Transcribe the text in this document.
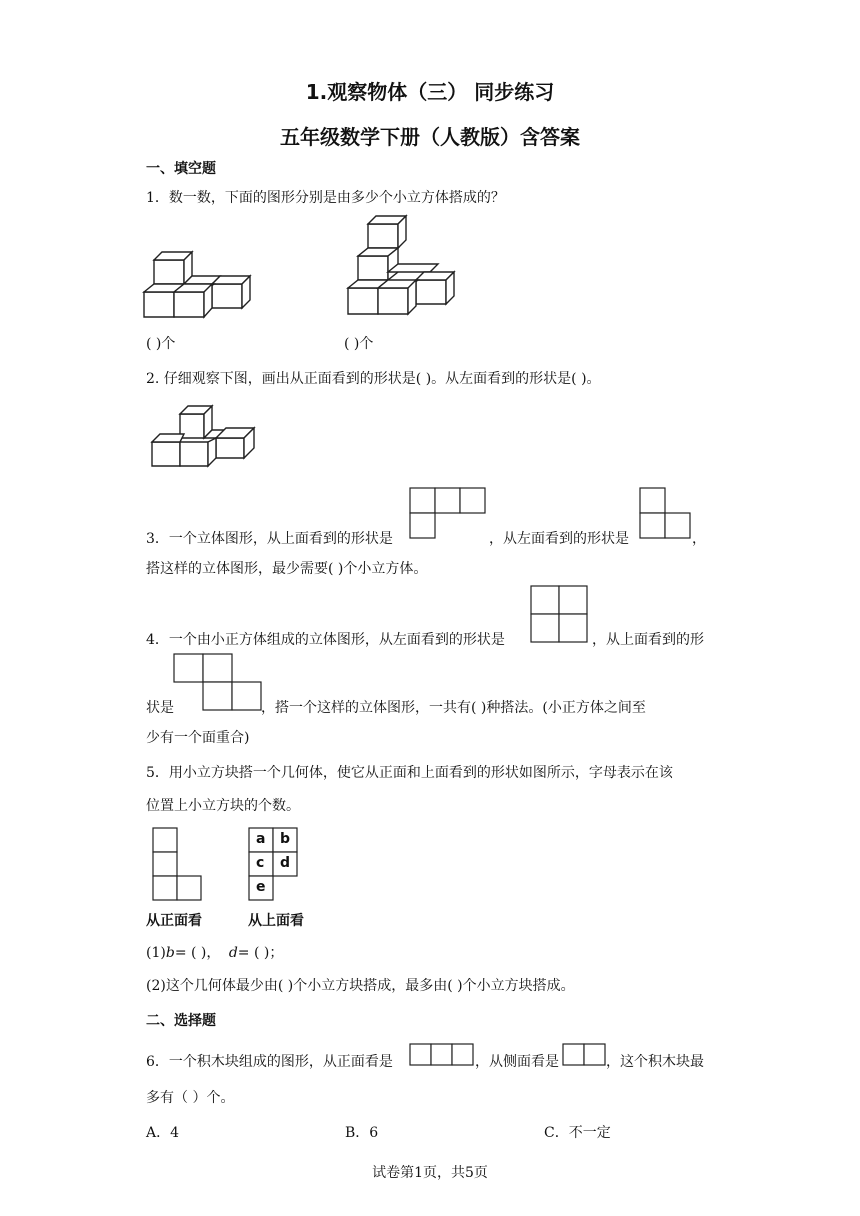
1.观察物体（三） 同步练习
五年级数学下册（人教版）含答案
一、填空题
1．数一数，下面的图形分别是由多少个小立方体搭成的？
( )个	( )个
2. 仔细观察下图，画出从正面看到的形状是( )。从左面看到的形状是( )。
3．一个立体图形，从上面看到的形状是	，从左面看到的形状是	，
搭这样的立体图形，最少需要( )个小立方体。
4．一个由小正方体组成的立体图形，从左面看到的形状是	，从上面看到的形
状是	，搭一个这样的立体图形，一共有( )种搭法。(小正方体之间至
少有一个面重合)
5．用小立方块搭一个几何体，使它从正面和上面看到的形状如图所示，字母表示在该
位置上小立方块的个数。
a b
c d
e
从正面看	从上面看
(1)b= ( )， d= ( )；
(2)这个几何体最少由( )个小立方块搭成，最多由( )个小立方块搭成。
二、选择题
6．一个积木块组成的图形，从正面看是	，从侧面看是	，这个积木块最
多有（ ）个。
A．4	B．6	C．不一定
试卷第1页，共5页
